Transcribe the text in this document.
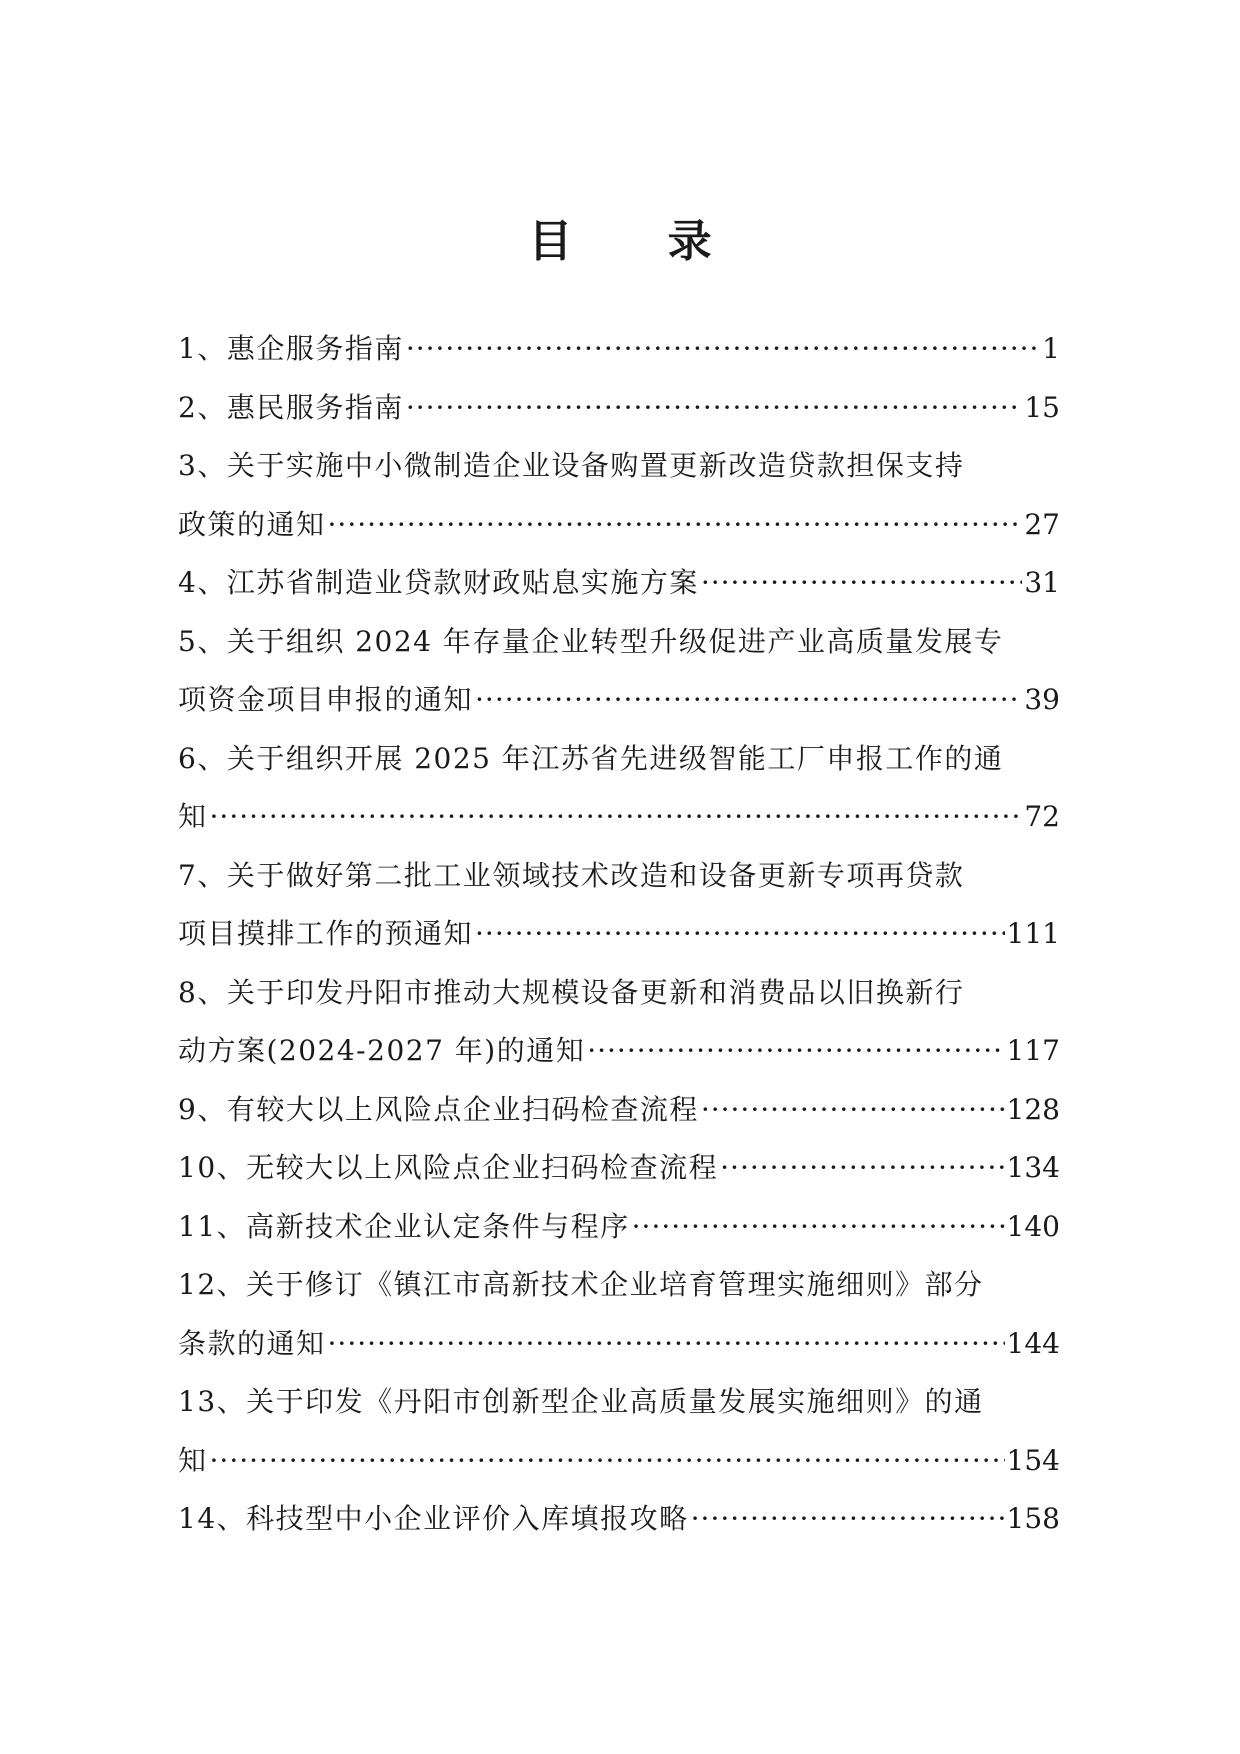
目 录
1、惠企服务指南 ·····	1
2、惠民服务指南 ·····	15
3、关于实施中小微制造企业设备购置更新改造贷款担保支持
政策的通知 ·····	27
4、江苏省制造业贷款财政贴息实施方案 ·····	31
5、关于组织 2024 年存量企业转型升级促进产业高质量发展专
项资金项目申报的通知 ·····	39
6、关于组织开展 2025 年江苏省先进级智能工厂申报工作的通
知 ·····	72
7、关于做好第二批工业领域技术改造和设备更新专项再贷款
项目摸排工作的预通知 ·····	111
8、关于印发丹阳市推动大规模设备更新和消费品以旧换新行
动方案(2024-2027 年)的通知 ·····	117
9、有较大以上风险点企业扫码检查流程 ·····	128
10、无较大以上风险点企业扫码检查流程 ·····	134
11、高新技术企业认定条件与程序 ·····	140
12、关于修订《镇江市高新技术企业培育管理实施细则》部分
条款的通知 ·····	144
13、关于印发《丹阳市创新型企业高质量发展实施细则》的通
知 ·····	154
14、科技型中小企业评价入库填报攻略 ·····	158
